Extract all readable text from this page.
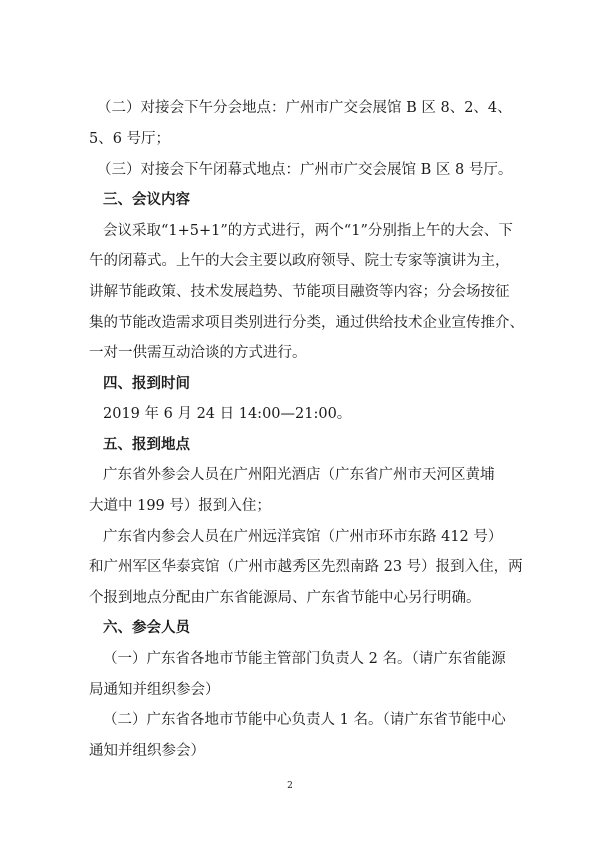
（二）对接会下午分会地点：广州市广交会展馆 B 区 8、2、4、
5、6 号厅；
（三）对接会下午闭幕式地点：广州市广交会展馆 B 区 8 号厅。
三、会议内容
会议采取“1+5+1”的方式进行，两个“1”分别指上午的大会、下
午的闭幕式。上午的大会主要以政府领导、院士专家等演讲为主，
讲解节能政策、技术发展趋势、节能项目融资等内容；分会场按征
集的节能改造需求项目类别进行分类，通过供给技术企业宣传推介、
一对一供需互动洽谈的方式进行。
四、报到时间
2019 年 6 月 24 日 14:00—21:00。
五、报到地点
广东省外参会人员在广州阳光酒店（广东省广州市天河区黄埔
大道中 199 号）报到入住；
广东省内参会人员在广州远洋宾馆（广州市环市东路 412 号）
和广州军区华泰宾馆（广州市越秀区先烈南路 23 号）报到入住，两
个报到地点分配由广东省能源局、广东省节能中心另行明确。
六、参会人员
（一）广东省各地市节能主管部门负责人 2 名。（请广东省能源
局通知并组织参会）
（二）广东省各地市节能中心负责人 1 名。（请广东省节能中心
通知并组织参会）
2
